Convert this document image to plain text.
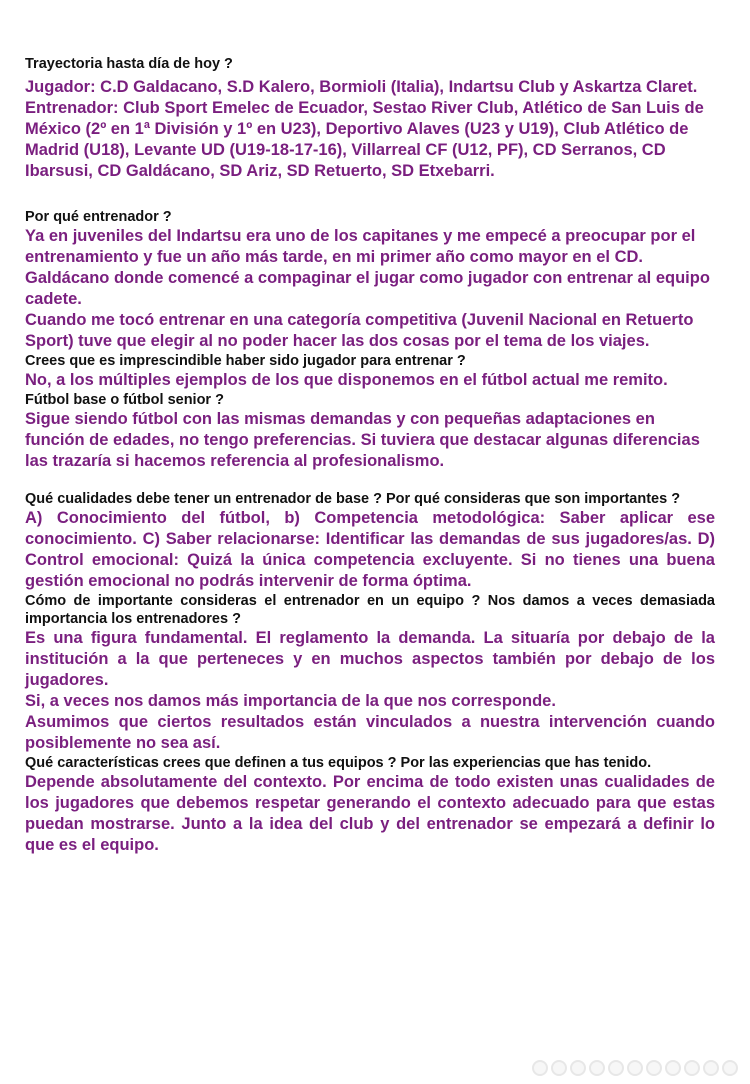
Trayectoria hasta día de hoy ?

Jugador: C.D Galdacano, S.D Kalero, Bormioli (Italia), Indartsu Club y Askartza Claret.

Entrenador: Club Sport Emelec de Ecuador, Sestao River Club, Atlético de San Luis de México (2º en 1ª División y 1º en U23), Deportivo Alaves (U23 y U19), Club Atlético de Madrid (U18), Levante UD (U19-18-17-16), Villarreal CF (U12, PF), CD Serranos, CD Ibarsusi, CD Galdácano, SD Ariz, SD Retuerto, SD Etxebarri.

Por qué entrenador ?

Ya en juveniles del Indartsu era uno de los capitanes y me empecé a preocupar por el entrenamiento y fue un año más tarde, en mi primer año como mayor en el CD. Galdácano donde comencé a compaginar el jugar como jugador con entrenar al equipo cadete.

Cuando me tocó entrenar en una categoría competitiva (Juvenil Nacional en Retuerto Sport) tuve que elegir al no poder hacer las dos cosas por el tema de los viajes.

Crees que es imprescindible haber sido jugador para entrenar ?

No, a los múltiples ejemplos de los que disponemos en el fútbol actual me remito.

Fútbol base o fútbol senior ?

Sigue siendo fútbol con las mismas demandas y con pequeñas adaptaciones en función de edades, no tengo preferencias. Si tuviera que destacar algunas diferencias las trazaría si hacemos referencia al profesionalismo.

Qué cualidades debe tener un entrenador de base ? Por qué consideras que son importantes ?

A) Conocimiento del fútbol, b) Competencia metodológica: Saber aplicar ese conocimiento. C) Saber relacionarse: Identificar las demandas de sus jugadores/as. D) Control emocional: Quizá la única competencia excluyente. Si no tienes una buena gestión emocional no podrás intervenir de forma óptima.

Cómo de importante consideras el entrenador en un equipo ? Nos damos a veces demasiada importancia los entrenadores ?

Es una figura fundamental. El reglamento la demanda. La situaría por debajo de la institución a la que perteneces y en muchos aspectos también por debajo de los jugadores.

Si, a veces nos damos más importancia de la que nos corresponde.

Asumimos que ciertos resultados están vinculados a nuestra intervención cuando posiblemente no sea así.

Qué características crees que definen a tus equipos ? Por las experiencias que has tenido.

Depende absolutamente del contexto. Por encima de todo existen unas cualidades de los jugadores que debemos respetar generando el contexto adecuado para que estas puedan mostrarse. Junto a la idea del club y del entrenador se empezará a definir lo que es el equipo.
